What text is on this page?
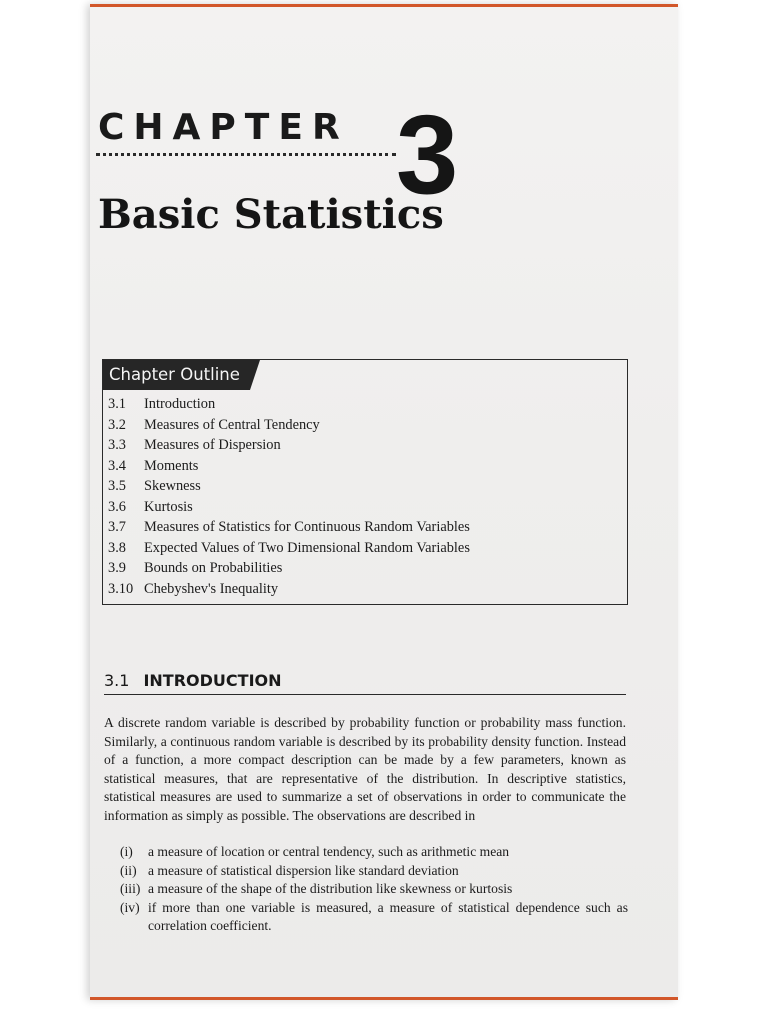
CHAPTER 3
Basic Statistics
Chapter Outline
3.1 Introduction
3.2 Measures of Central Tendency
3.3 Measures of Dispersion
3.4 Moments
3.5 Skewness
3.6 Kurtosis
3.7 Measures of Statistics for Continuous Random Variables
3.8 Expected Values of Two Dimensional Random Variables
3.9 Bounds on Probabilities
3.10 Chebyshev's Inequality
3.1 INTRODUCTION

A discrete random variable is described by probability function or probability mass function. Similarly, a continuous random variable is described by its probability density function. Instead of a function, a more compact description can be made by a few parameters, known as statistical measures, that are representative of the distribution. In descriptive statistics, statistical measures are used to summarize a set of observations in order to communicate the information as simply as possible. The observations are described in

(i)	a measure of location or central tendency, such as arithmetic mean
(ii) a measure of statistical dispersion like standard deviation
(iii) a measure of the shape of the distribution like skewness or kurtosis
(iv) if more than one variable is measured, a measure of statistical dependence such as correlation coefficient.
